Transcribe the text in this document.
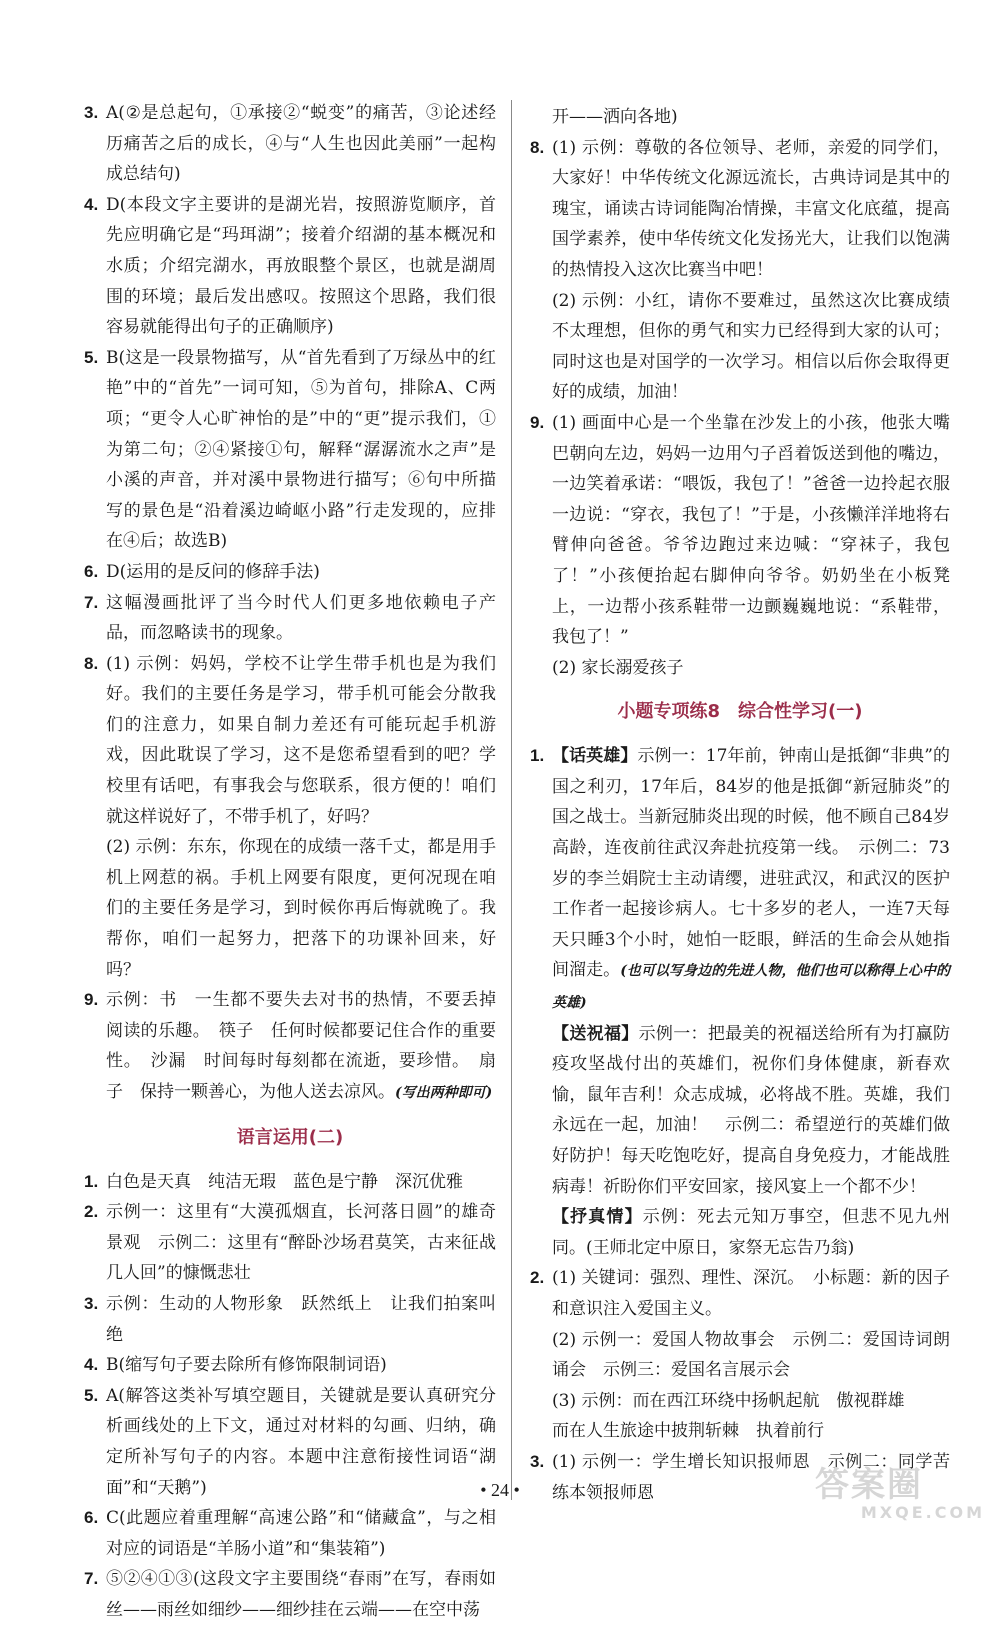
3. A(②是总起句，①承接②“蜕变”的痛苦，③论述经历痛苦之后的成长，④与“人生也因此美丽”一起构成总结句)
4. D(本段文字主要讲的是湖光岩，按照游览顺序，首先应明确它是“玛珥湖”；接着介绍湖的基本概况和水质；介绍完湖水，再放眼整个景区，也就是湖周围的环境；最后发出感叹。按照这个思路，我们很容易就能得出句子的正确顺序)
5. B(这是一段景物描写，从“首先看到了万绿丛中的红艳”中的“首先”一词可知，⑤为首句，排除A、C两项；“更令人心旷神怡的是”中的“更”提示我们，①为第二句；②④紧接①句，解释“潺潺流水之声”是小溪的声音，并对溪中景物进行描写；⑥句中所描写的景色是“沿着溪边崎岖小路”行走发现的，应排在④后；故选B)
6. D(运用的是反问的修辞手法)
7. 这幅漫画批评了当今时代人们更多地依赖电子产品，而忽略读书的现象。
8. (1) 示例：妈妈，学校不让学生带手机也是为我们好。我们的主要任务是学习，带手机可能会分散我们的注意力，如果自制力差还有可能玩起手机游戏，因此耽误了学习，这不是您希望看到的吧？学校里有话吧，有事我会与您联系，很方便的！咱们就这样说好了，不带手机了，好吗？
(2) 示例：东东，你现在的成绩一落千丈，都是用手机上网惹的祸。手机上网要有限度，更何况现在咱们的主要任务是学习，到时候你再后悔就晚了。我帮你，咱们一起努力，把落下的功课补回来，好吗？
9. 示例：书　一生都不要失去对书的热情，不要丢掉阅读的乐趣。　筷子　任何时候都要记住合作的重要性。　沙漏　时间每时每刻都在流逝，要珍惜。　扇子　保持一颗善心，为他人送去凉风。(写出两种即可)
语言运用(二)
1. 白色是天真　纯洁无瑕　蓝色是宁静　深沉优雅
2. 示例一：这里有“大漠孤烟直，长河落日圆”的雄奇景观　示例二：这里有“醉卧沙场君莫笑，古来征战几人回”的慷慨悲壮
3. 示例：生动的人物形象　跃然纸上　让我们拍案叫绝
4. B(缩写句子要去除所有修饰限制词语)
5. A(解答这类补写填空题目，关键就是要认真研究分析画线处的上下文，通过对材料的勾画、归纳，确定所补写句子的内容。本题中注意衔接性词语“湖面”和“天鹅”)
6. C(此题应着重理解“高速公路”和“储藏盒”，与之相对应的词语是“羊肠小道”和“集装箱”)
7. ⑤②④①③(这段文字主要围绕“春雨”在写，春雨如丝——雨丝如细纱——细纱挂在云端——在空中荡
开——洒向各地)
8. (1) 示例：尊敬的各位领导、老师，亲爱的同学们，大家好！中华传统文化源远流长，古典诗词是其中的瑰宝，诵读古诗词能陶冶情操，丰富文化底蕴，提高国学素养，使中华传统文化发扬光大，让我们以饱满的热情投入这次比赛当中吧！
(2) 示例：小红，请你不要难过，虽然这次比赛成绩不太理想，但你的勇气和实力已经得到大家的认可；同时这也是对国学的一次学习。相信以后你会取得更好的成绩，加油！
9. (1) 画面中心是一个坐靠在沙发上的小孩，他张大嘴巴朝向左边，妈妈一边用勺子舀着饭送到他的嘴边，一边笑着承诺：“喂饭，我包了！”爸爸一边拎起衣服一边说：“穿衣，我包了！”于是，小孩懒洋洋地将右臂伸向爸爸。爷爷边跑过来边喊：“穿袜子，我包了！”小孩便抬起右脚伸向爷爷。奶奶坐在小板凳上，一边帮小孩系鞋带一边颤巍巍地说：“系鞋带，我包了！”
(2) 家长溺爱孩子
小题专项练8　综合性学习(一)
1. 【话英雄】示例一：17年前，钟南山是抵御“非典”的国之利刃，17年后，84岁的他是抵御“新冠肺炎”的国之战士。当新冠肺炎出现的时候，他不顾自己84岁高龄，连夜前往武汉奔赴抗疫第一线。　示例二：73岁的李兰娟院士主动请缨，进驻武汉，和武汉的医护工作者一起接诊病人。七十多岁的老人，一连7天每天只睡3个小时，她怕一眨眼，鲜活的生命会从她指间溜走。(也可以写身边的先进人物，他们也可以称得上心中的英雄)
【送祝福】示例一：把最美的祝福送给所有为打赢防疫攻坚战付出的英雄们，祝你们身体健康，新春欢愉，鼠年吉利！众志成城，必将战不胜。英雄，我们永远在一起，加油！　示例二：希望逆行的英雄们做好防护！每天吃饱吃好，提高自身免疫力，才能战胜病毒！祈盼你们平安回家，接风宴上一个都不少！
【抒真情】示例：死去元知万事空，但悲不见九州同。(王师北定中原日，家祭无忘告乃翁)
2. (1) 关键词：强烈、理性、深沉。　小标题：新的因子和意识注入爱国主义。
(2) 示例一：爱国人物故事会　示例二：爱国诗词朗诵会　示例三：爱国名言展示会
(3) 示例：而在西江环绕中扬帆起航　傲视群雄
而在人生旅途中披荆斩棘　执着前行
3. (1) 示例一：学生增长知识报师恩　示例二：同学苦练本领报师恩
• 24 •	答案圈
MXQE.COM
